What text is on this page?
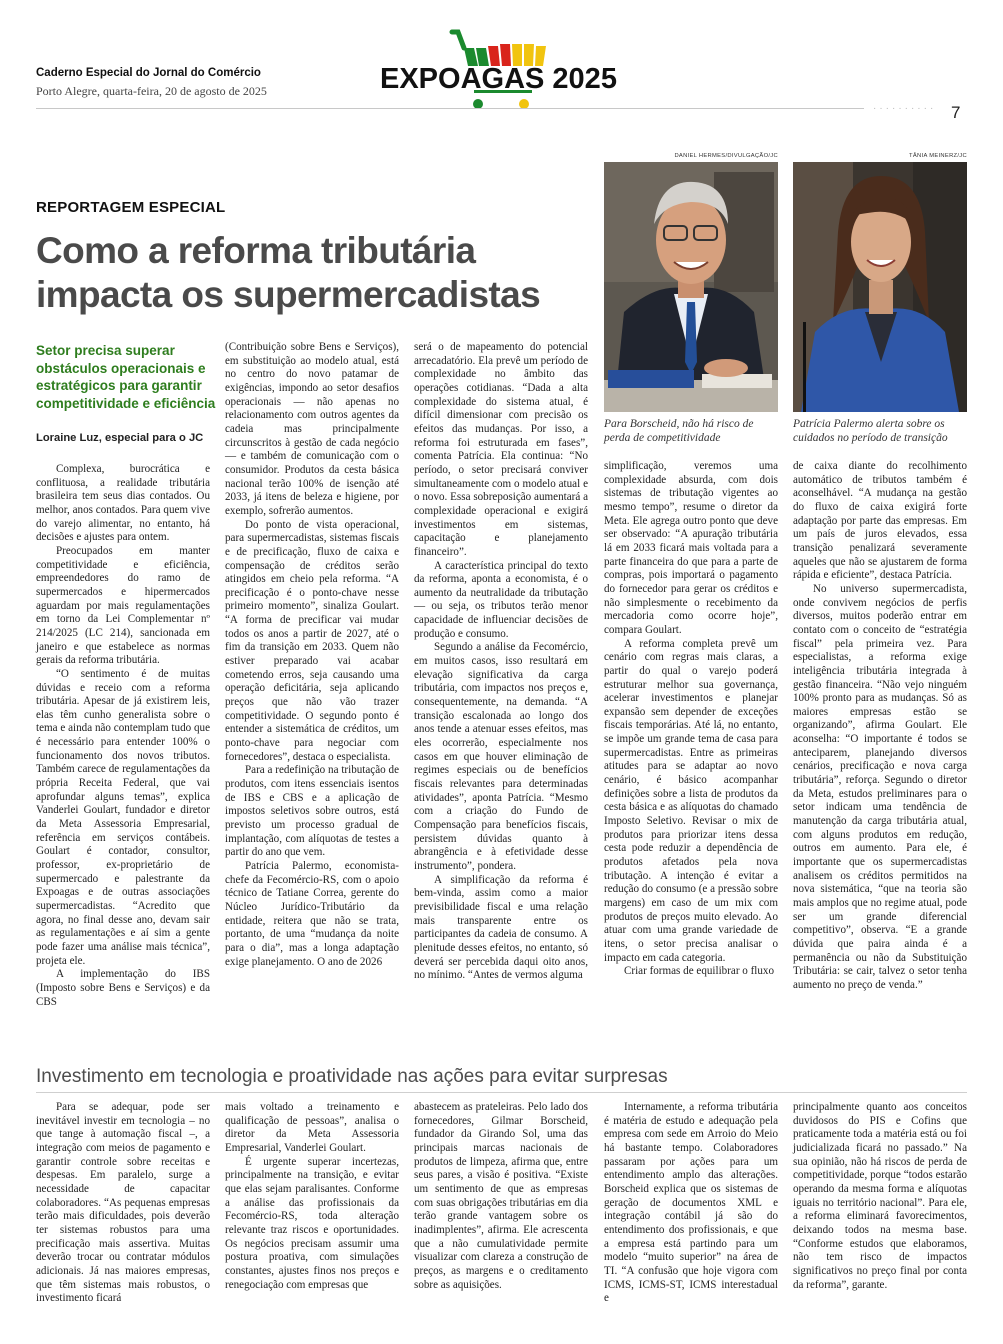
Caderno Especial do Jornal do Comércio
Porto Alegre, quarta-feira, 20 de agosto de 2025	EXPOAGAS 2025
·········· 7
REPORTAGEM ESPECIAL
Como a reforma tributária impacta os supermercadistas
Setor precisa superar obstáculos operacionais e estratégicos para garantir competitividade e eficiência
Loraine Luz, especial para o JC
DANIEL HERMES/DIVULGAÇÃO/JC
Para Borscheid, não há risco de perda de competitividade
TÂNIA MEINERZ/JC
Patrícia Palermo alerta sobre os cuidados no período de transição

Complexa, burocrática e conflituosa, a realidade tributária brasileira tem seus dias contados. Ou melhor, anos contados. Para quem vive do varejo alimentar, no entanto, há decisões e ajustes para ontem.

Preocupados em manter competitividade e eficiência, empreendedores do ramo de supermercados e hipermercados aguardam por mais regulamentações em torno da Lei Complementar nº 214/2025 (LC 214), sancionada em janeiro e que estabelece as normas gerais da reforma tributária.

“O sentimento é de muitas dúvidas e receio com a reforma tributária. Apesar de já existirem leis, elas têm cunho generalista sobre o tema e ainda não contemplam tudo que é necessário para entender 100% o funcionamento dos novos tributos. Também carece de regulamentações da própria Receita Federal, que vai aprofundar alguns temas”, explica Vanderlei Goulart, fundador e diretor da Meta Assessoria Empresarial, referência em serviços contábeis. Goulart é contador, consultor, professor, ex-proprietário de supermercado e palestrante da Expoagas e de outras associações supermercadistas. “Acredito que agora, no final desse ano, devam sair as regulamentações e aí sim a gente pode fazer uma análise mais técnica”, projeta ele.

A implementação do IBS (Imposto sobre Bens e Serviços) e da CBS

(Contribuição sobre Bens e Serviços), em substituição ao modelo atual, está no centro do novo patamar de exigências, impondo ao setor desafios operacionais — não apenas no relacionamento com outros agentes da cadeia mas principalmente circunscritos à gestão de cada negócio — e também de comunicação com o consumidor. Produtos da cesta básica nacional terão 100% de isenção até 2033, já itens de beleza e higiene, por exemplo, sofrerão aumentos.

Do ponto de vista operacional, para supermercadistas, sistemas fiscais e de precificação, fluxo de caixa e compensação de créditos serão atingidos em cheio pela reforma. “A precificação é o ponto-chave nesse primeiro momento”, sinaliza Goulart. “A forma de precificar vai mudar todos os anos a partir de 2027, até o fim da transição em 2033. Quem não estiver preparado vai acabar cometendo erros, seja causando uma operação deficitária, seja aplicando preços que não vão trazer competitividade. O segundo ponto é entender a sistemática de créditos, um ponto-chave para negociar com fornecedores”, destaca o especialista.

Para a redefinição na tributação de produtos, com itens essenciais isentos de IBS e CBS e a aplicação de impostos seletivos sobre outros, está previsto um processo gradual de implantação, com alíquotas de testes a partir do ano que vem.

Patrícia Palermo, economista-chefe da Fecomércio-RS, com o apoio técnico de Tatiane Correa, gerente do Núcleo Jurídico-Tributário da entidade, reitera que não se trata, portanto, de uma “mudança da noite para o dia”, mas a longa adaptação exige planejamento. O ano de 2026

será o de mapeamento do potencial arrecadatório. Ela prevê um período de complexidade no âmbito das operações cotidianas. “Dada a alta complexidade do sistema atual, é difícil dimensionar com precisão os efeitos das mudanças. Por isso, a reforma foi estruturada em fases”, comenta Patrícia. Ela continua: “No período, o setor precisará conviver simultaneamente com o modelo atual e o novo. Essa sobreposição aumentará a complexidade operacional e exigirá investimentos em sistemas, capacitação e planejamento financeiro”.

A característica principal do texto da reforma, aponta a economista, é o aumento da neutralidade da tributação — ou seja, os tributos terão menor capacidade de influenciar decisões de produção e consumo.

Segundo a análise da Fecomércio, em muitos casos, isso resultará em elevação significativa da carga tributária, com impactos nos preços e, consequentemente, na demanda. “A transição escalonada ao longo dos anos tende a atenuar esses efeitos, mas eles ocorrerão, especialmente nos casos em que houver eliminação de regimes especiais ou de benefícios fiscais relevantes para determinadas atividades”, aponta Patrícia. “Mesmo com a criação do Fundo de Compensação para benefícios fiscais, persistem dúvidas quanto à abrangência e à efetividade desse instrumento”, pondera.

A simplificação da reforma é bem-vinda, assim como a maior previsibilidade fiscal e uma relação mais transparente entre os participantes da cadeia de consumo. A plenitude desses efeitos, no entanto, só deverá ser percebida daqui oito anos, no mínimo. “Antes de vermos alguma

simplificação, veremos uma complexidade absurda, com dois sistemas de tributação vigentes ao mesmo tempo”, resume o diretor da Meta. Ele agrega outro ponto que deve ser observado: “A apuração tributária lá em 2033 ficará mais voltada para a parte financeira do que para a parte de compras, pois importará o pagamento do fornecedor para gerar os créditos e não simplesmente o recebimento da mercadoria como ocorre hoje”, compara Goulart.

A reforma completa prevê um cenário com regras mais claras, a partir do qual o varejo poderá estruturar melhor sua governança, acelerar investimentos e planejar expansão sem depender de exceções fiscais temporárias. Até lá, no entanto, se impõe um grande tema de casa para supermercadistas. Entre as primeiras atitudes para se adaptar ao novo cenário, é básico acompanhar definições sobre a lista de produtos da cesta básica e as alíquotas do chamado Imposto Seletivo. Revisar o mix de produtos para priorizar itens dessa cesta pode reduzir a dependência de produtos afetados pela nova tributação. A intenção é evitar a redução do consumo (e a pressão sobre margens) em caso de um mix com produtos de preços muito elevado. Ao atuar com uma grande variedade de itens, o setor precisa analisar o impacto em cada categoria.

Criar formas de equilibrar o fluxo

de caixa diante do recolhimento automático de tributos também é aconselhável. “A mudança na gestão do fluxo de caixa exigirá forte adaptação por parte das empresas. Em um país de juros elevados, essa transição penalizará severamente aqueles que não se ajustarem de forma rápida e eficiente”, destaca Patrícia.

No universo supermercadista, onde convivem negócios de perfis diversos, muitos poderão entrar em contato com o conceito de “estratégia fiscal” pela primeira vez. Para especialistas, a reforma exige inteligência tributária integrada à gestão financeira. “Não vejo ninguém 100% pronto para as mudanças. Só as maiores empresas estão se organizando”, afirma Goulart. Ele aconselha: “O importante é todos se anteciparem, planejando diversos cenários, precificação e nova carga tributária”, reforça. Segundo o diretor da Meta, estudos preliminares para o setor indicam uma tendência de manutenção da carga tributária atual, com alguns produtos em redução, outros em aumento. Para ele, é importante que os supermercadistas analisem os créditos permitidos na nova sistemática, “que na teoria são mais amplos que no regime atual, pode ser um grande diferencial competitivo”, observa. “E a grande dúvida que paira ainda é a permanência ou não da Substituição Tributária: se cair, talvez o setor tenha aumento no preço de venda.”

Investimento em tecnologia e proatividade nas ações para evitar surpresas

Para se adequar, pode ser inevitável investir em tecnologia – no que tange à automação fiscal –, a integração com meios de pagamento e garantir controle sobre receitas e despesas. Em paralelo, surge a necessidade de capacitar colaboradores. “As pequenas empresas terão mais dificuldades, pois deverão ter sistemas robustos para uma precificação mais assertiva. Muitas deverão trocar ou contratar módulos adicionais. Já nas maiores empresas, que têm sistemas mais robustos, o investimento ficará

mais voltado a treinamento e qualificação de pessoas”, analisa o diretor da Meta Assessoria Empresarial, Vanderlei Goulart.

É urgente superar incertezas, principalmente na transição, e evitar que elas sejam paralisantes. Conforme a análise das profissionais da Fecomércio-RS, toda alteração relevante traz riscos e oportunidades. Os negócios precisam assumir uma postura proativa, com simulações constantes, ajustes finos nos preços e renegociação com empresas que

abastecem as prateleiras. Pelo lado dos fornecedores, Gilmar Borscheid, fundador da Girando Sol, uma das principais marcas nacionais de produtos de limpeza, afirma que, entre seus pares, a visão é positiva. “Existe um sentimento de que as empresas com suas obrigações tributárias em dia terão grande vantagem sobre os inadimplentes”, afirma. Ele acrescenta que a não cumulatividade permite visualizar com clareza a construção de preços, as margens e o creditamento sobre as aquisições.

Internamente, a reforma tributária é matéria de estudo e adequação pela empresa com sede em Arroio do Meio há bastante tempo. Colaboradores passaram por ações para um entendimento amplo das alterações. Borscheid explica que os sistemas de geração de documentos XML e integração contábil já são do entendimento dos profissionais, e que a empresa está partindo para um modelo “muito superior” na área de TI. “A confusão que hoje vigora com ICMS, ICMS-ST, ICMS interestadual e

principalmente quanto aos conceitos duvidosos do PIS e Cofins que praticamente toda a matéria está ou foi judicializada ficará no passado.” Na sua opinião, não há riscos de perda de competitividade, porque “todos estarão operando da mesma forma e alíquotas iguais no território nacional”. Para ele, a reforma eliminará favorecimentos, deixando todos na mesma base. “Conforme estudos que elaboramos, não tem risco de impactos significativos no preço final por conta da reforma”, garante.
